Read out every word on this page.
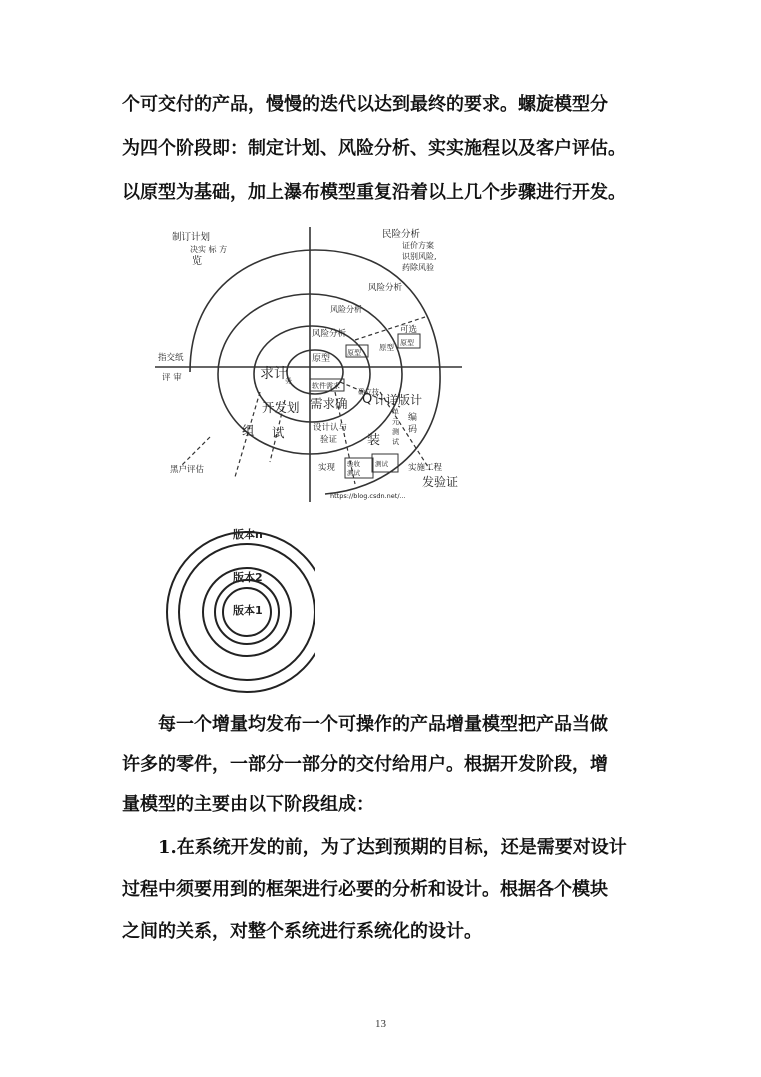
个可交付的产品，慢慢的迭代以达到最终的要求。螺旋模型分
为四个阶段即：制定计划、风险分析、实实施程以及客户评估。
以原型为基础，加上瀑布模型重复沿着以上几个步骤进行开发。
制订计划
决实 标 方
览
民险分析
证价方案
识别风险,
药除风验
风险分析
风险分析
风险分析	可选
原型
原型
原型
原型
指交纸
评 审	求计
务
软件需求
确立技
开发划 需求确 Q 计详版计
组 试	设计认与
验证 装
编
码
单
元
测
试
黑户评估	实现 验收
测试
测试 实施工程
发验证
https://blog.csdn.net/...
版本n
版本2
版本1
每一个增量均发布一个可操作的产品增量模型把产品当做
许多的零件，一部分一部分的交付给用户。根据开发阶段，增
量模型的主要由以下阶段组成：
1.在系统开发的前，为了达到预期的目标，还是需要对设计
过程中须要用到的框架进行必要的分析和设计。根据各个模块
之间的关系，对整个系统进行系统化的设计。
13
